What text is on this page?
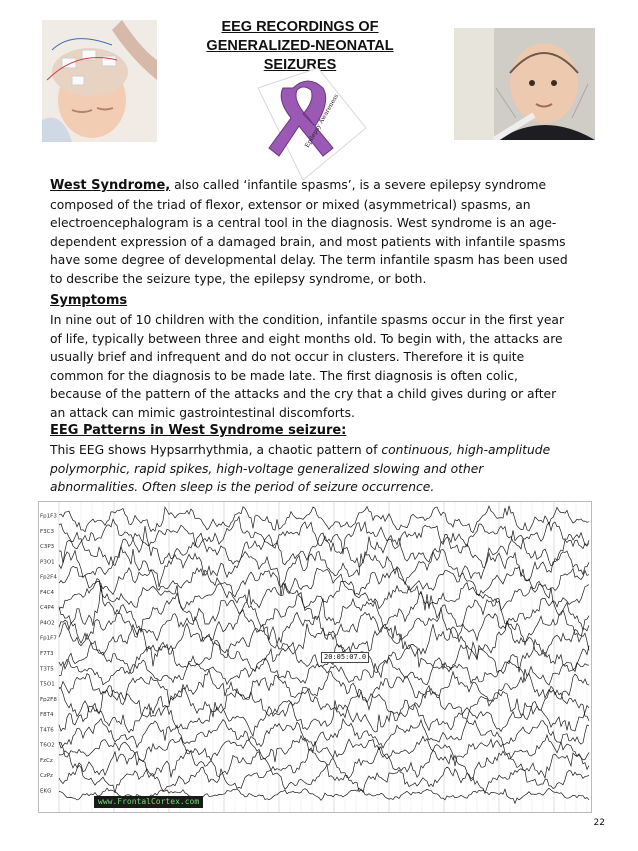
EEG RECORDINGS OF
GENERALIZED-NEONATAL
SEIZURES
Epilepsy Awareness
West Syndrome, also called ‘infantile spasms’, is a severe epilepsy syndrome composed of the triad of flexor, extensor or mixed (asymmetrical) spasms, an electroencephalogram is a central tool in the diagnosis. West syndrome is an age-dependent expression of a damaged brain, and most patients with infantile spasms have some degree of developmental delay. The term infantile spasm has been used to describe the seizure type, the epilepsy syndrome, or both.
Symptoms
In nine out of 10 children with the condition, infantile spasms occur in the first year of life, typically between three and eight months old. To begin with, the attacks are usually brief and infrequent and do not occur in clusters. Therefore it is quite common for the diagnosis to be made late. The first diagnosis is often colic, because of the pattern of the attacks and the cry that a child gives during or after an attack can mimic gastrointestinal discomforts.
EEG Patterns in West Syndrome seizure:
This EEG shows Hypsarrhythmia, a chaotic pattern of continuous, high-amplitude polymorphic, rapid spikes, high-voltage generalized slowing and other abnormalities. Often sleep is the period of seizure occurrence.
Fp1F3
F3C3
C3P3
P3O1
Fp2F4
F4C4
C4P4
P4O2
Fp1F7
F7T3
T3T5
T5O1
Fp2F8
F8T4
T4T6
T6O2
FzCz
CzPz
EKG
20:05:07.0
www.FrontalCortex.com
22
